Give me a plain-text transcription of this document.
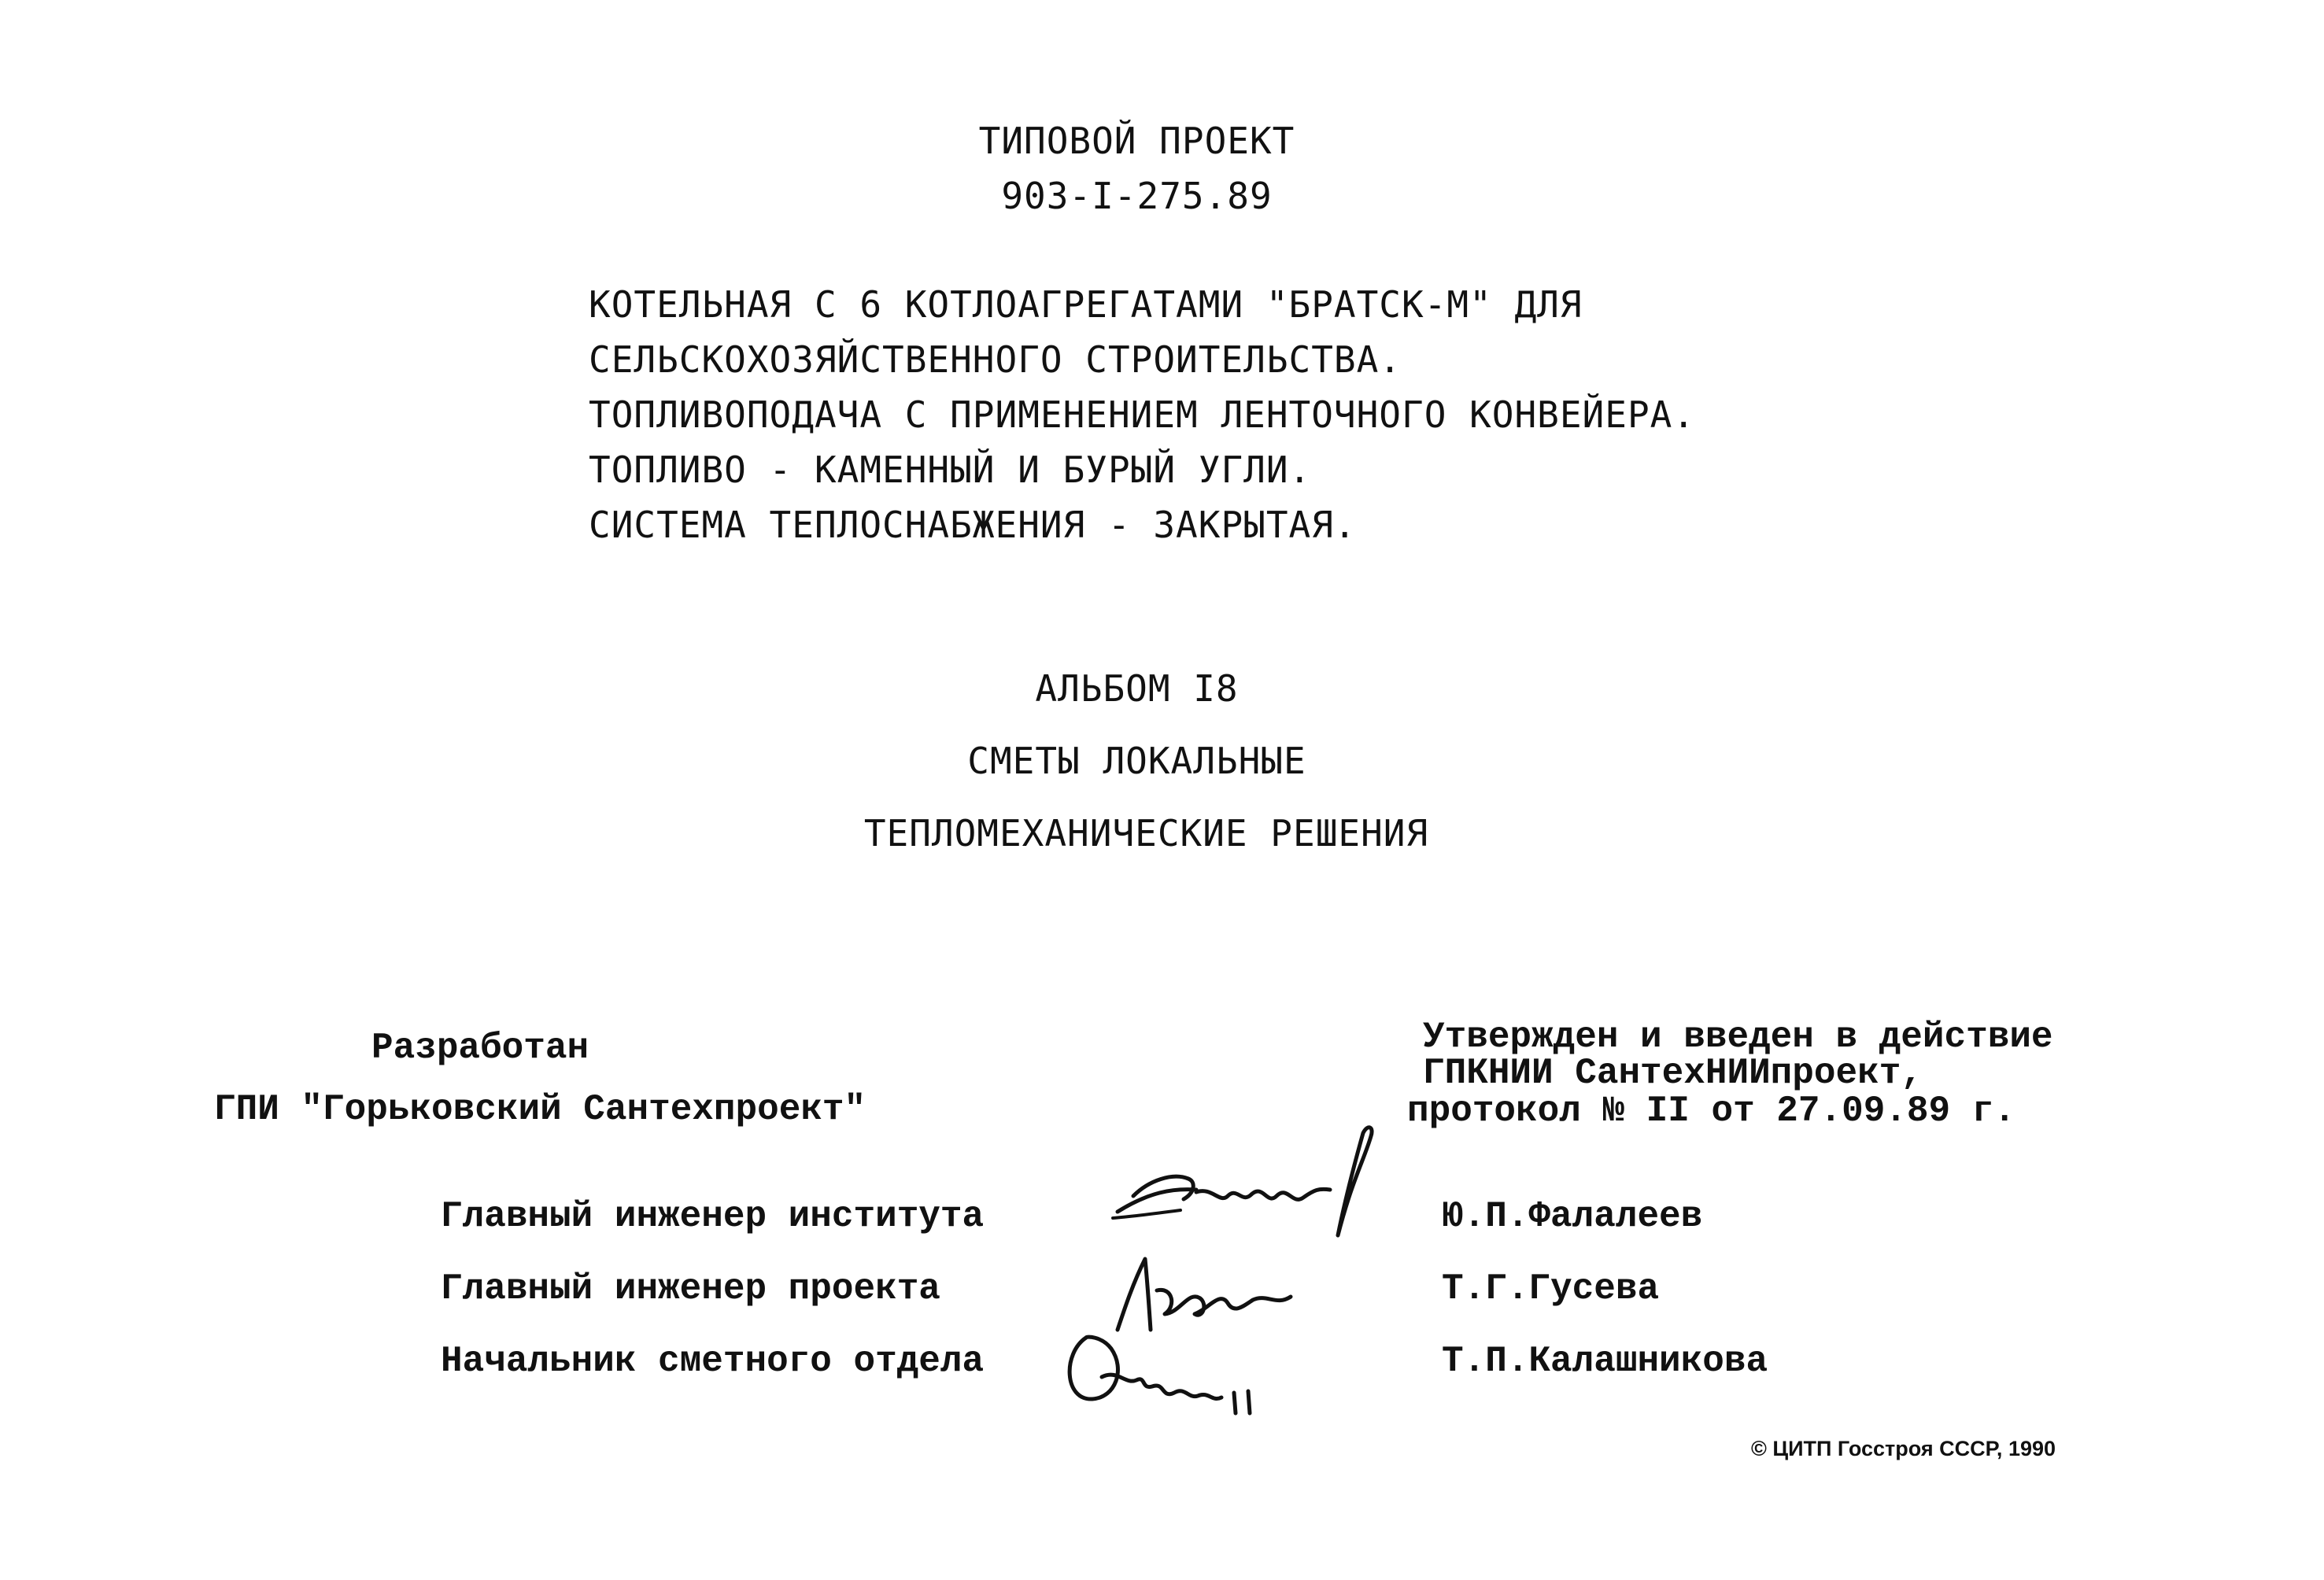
ТИПОВОЙ ПРОЕКТ
903-I-275.89
КОТЕЛЬНАЯ С 6 КОТЛОАГРЕГАТАМИ "БРАТСК-М" ДЛЯ
СЕЛЬСКОХОЗЯЙСТВЕННОГО СТРОИТЕЛЬСТВА.
ТОПЛИВОПОДАЧА С ПРИМЕНЕНИЕМ ЛЕНТОЧНОГО КОНВЕЙЕРА.
ТОПЛИВО - КАМЕННЫЙ И БУРЫЙ УГЛИ.
СИСТЕМА ТЕПЛОСНАБЖЕНИЯ - ЗАКРЫТАЯ.
АЛЬБОМ I8
СМЕТЫ ЛОКАЛЬНЫЕ
ТЕПЛОМЕХАНИЧЕСКИЕ РЕШЕНИЯ
Разработан
ГПИ "Горьковский Сантехпроект"
Утвержден и введен в действие
ГПКНИИ СантехНИИпроект,
протокол № II от 27.09.89 г.
Главный инженер института	Ю.П.Фалалеев
Главный инженер проекта	Т.Г.Гусева
Начальник сметного отдела	Т.П.Калашникова
© ЦИТП Госстроя СССР, 1990
